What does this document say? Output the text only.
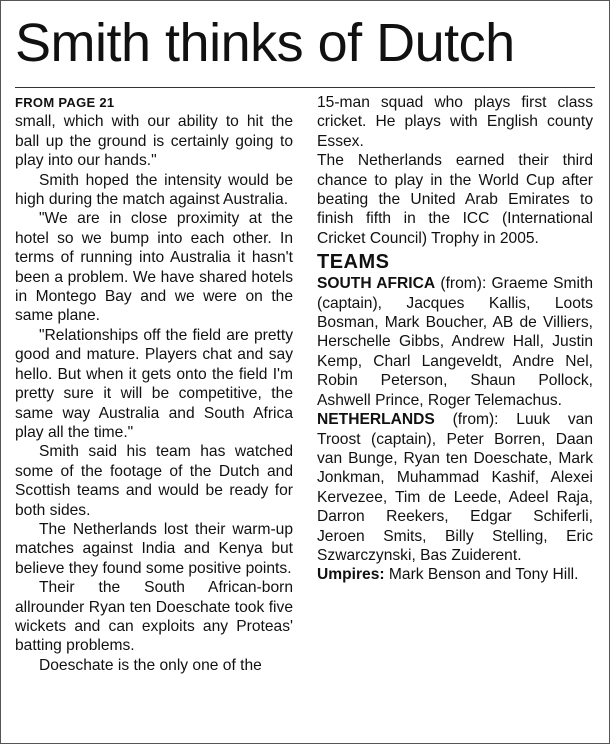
Smith thinks of Dutch
FROM PAGE 21

small, which with our ability to hit the ball up the ground is certainly going to play into our hands."

Smith hoped the intensity would be high during the match against Australia.

"We are in close proximity at the hotel so we bump into each other. In terms of running into Australia it hasn't been a problem. We have shared hotels in Montego Bay and we were on the same plane.

"Relationships off the field are pretty good and mature. Players chat and say hello. But when it gets onto the field I'm pretty sure it will be competitive, the same way Australia and South Africa play all the time."

Smith said his team has watched some of the footage of the Dutch and Scottish teams and would be ready for both sides.

The Netherlands lost their warm-up matches against India and Kenya but believe they found some positive points.

Their the South African-born allrounder Ryan ten Doeschate took five wickets and can exploits any Proteas' batting problems.

Doeschate is the only one of the

15-man squad who plays first class cricket. He plays with English county Essex.

The Netherlands earned their third chance to play in the World Cup after beating the United Arab Emirates to finish fifth in the ICC (International Cricket Council) Trophy in 2005.

TEAMS

SOUTH AFRICA (from): Graeme Smith (captain), Jacques Kallis, Loots Bosman, Mark Boucher, AB de Villiers, Herschelle Gibbs, Andrew Hall, Justin Kemp, Charl Langeveldt, Andre Nel, Robin Peterson, Shaun Pollock, Ashwell Prince, Roger Telemachus.

NETHERLANDS (from): Luuk van Troost (captain), Peter Borren, Daan van Bunge, Ryan ten Doeschate, Mark Jonkman, Muhammad Kashif, Alexei Kervezee, Tim de Leede, Adeel Raja, Darron Reekers, Edgar Schiferli, Jeroen Smits, Billy Stelling, Eric Szwarczynski, Bas Zuiderent.

Umpires: Mark Benson and Tony Hill.
